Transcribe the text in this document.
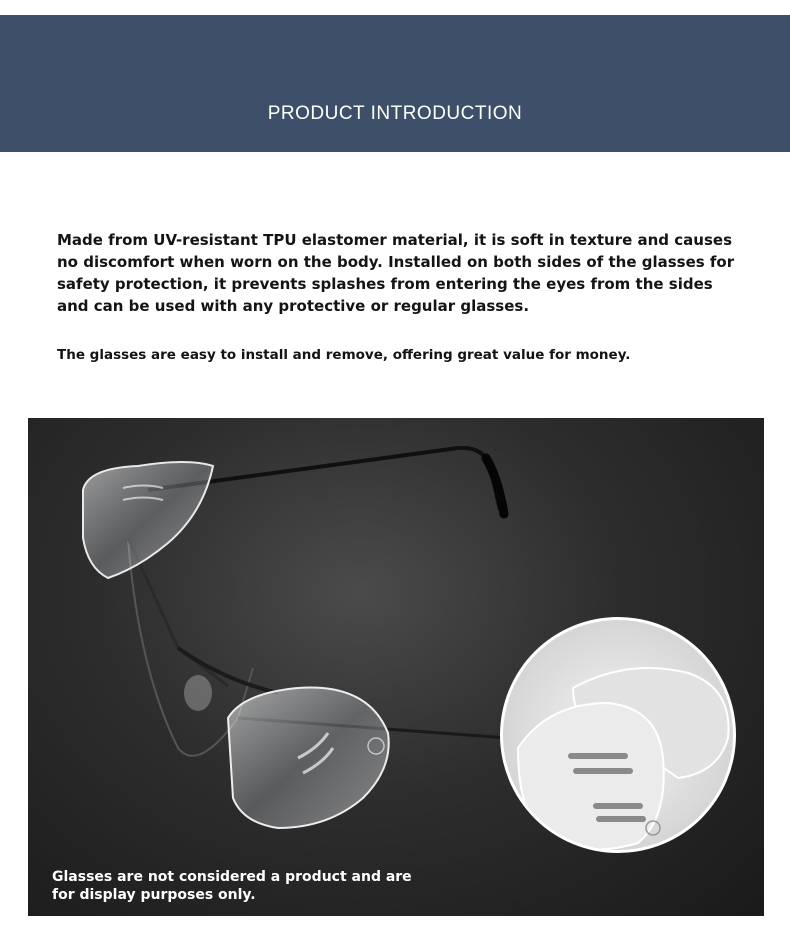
PRODUCT INTRODUCTION

Made from UV-resistant TPU elastomer material, it is soft in texture and causes no discomfort when worn on the body. Installed on both sides of the glasses for safety protection, it prevents splashes from entering the eyes from the sides and can be used with any protective or regular glasses.

The glasses are easy to install and remove, offering great value for money.

Glasses are not considered a product and are for display purposes only.
